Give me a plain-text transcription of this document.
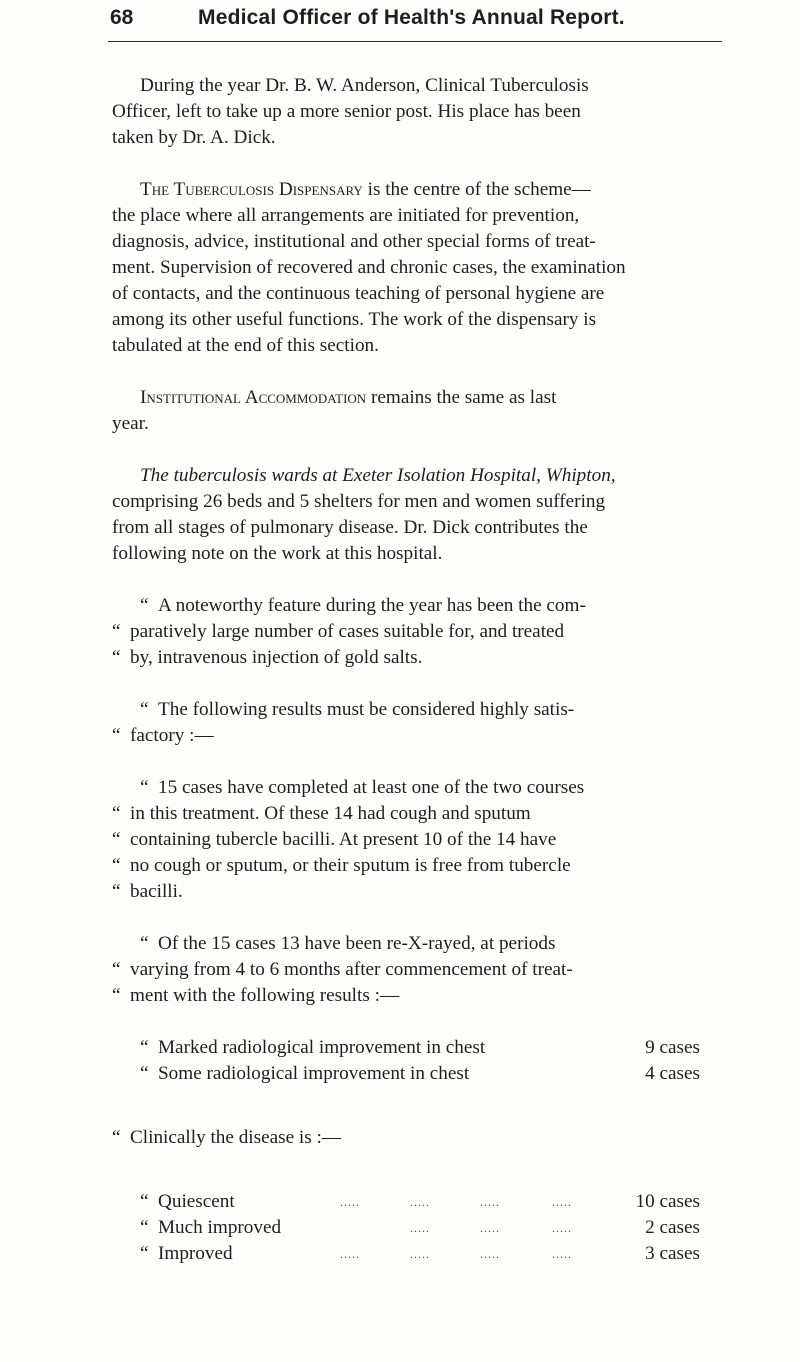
68	Medical Officer of Health's Annual Report.
During the year Dr. B. W. Anderson, Clinical Tuberculosis
Officer, left to take up a more senior post. His place has been
taken by Dr. A. Dick.
The Tuberculosis Dispensary is the centre of the scheme—
the place where all arrangements are initiated for prevention,
diagnosis, advice, institutional and other special forms of treat-
ment. Supervision of recovered and chronic cases, the examination
of contacts, and the continuous teaching of personal hygiene are
among its other useful functions. The work of the dispensary is
tabulated at the end of this section.
Institutional Accommodation remains the same as last
year.
The tuberculosis wards at Exeter Isolation Hospital, Whipton,
comprising 26 beds and 5 shelters for men and women suffering
from all stages of pulmonary disease. Dr. Dick contributes the
following note on the work at this hospital.
“ A noteworthy feature during the year has been the com-
“ paratively large number of cases suitable for, and treated
“ by, intravenous injection of gold salts.
“ The following results must be considered highly satis-
“ factory :—
“ 15 cases have completed at least one of the two courses
“ in this treatment. Of these 14 had cough and sputum
“ containing tubercle bacilli. At present 10 of the 14 have
“ no cough or sputum, or their sputum is free from tubercle
“ bacilli.
“ Of the 15 cases 13 have been re-X-rayed, at periods
“ varying from 4 to 6 months after commencement of treat-
“ ment with the following results :—
“ Marked radiological improvement in chest	9 cases
“ Some radiological improvement in chest	4 cases
“ Clinically the disease is :—
“ Quiescent	.....	.....	.....	.....	10 cases
“ Much improved	.....	.....	.....	2 cases
“ Improved	.....	.....	.....	.....	3 cases
